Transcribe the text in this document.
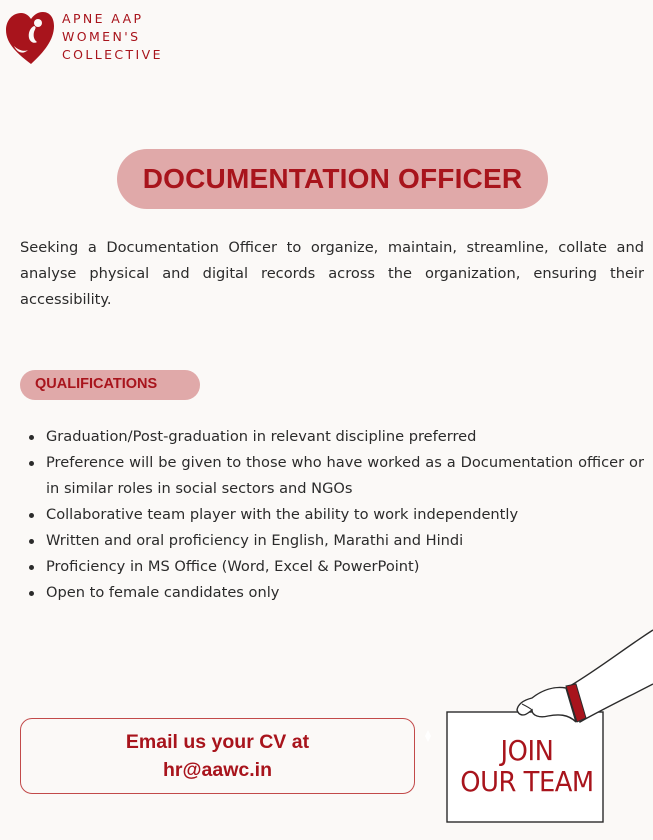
APNE AAP
WOMEN'S
COLLECTIVE
DOCUMENTATION OFFICER

Seeking a Documentation Officer to organize, maintain, streamline, collate and analyse physical and digital records across the organization, ensuring their accessibility.

QUALIFICATIONS
Graduation/Post-graduation in relevant discipline preferred
Preference will be given to those who have worked as a Documentation officer or in similar roles in social sectors and NGOs
Collaborative team player with the ability to work independently
Written and oral proficiency in English, Marathi and Hindi
Proficiency in MS Office (Word, Excel & PowerPoint)
Open to female candidates only
Email us your CV at
hr@aawc.in
JOIN
OUR TEAM
